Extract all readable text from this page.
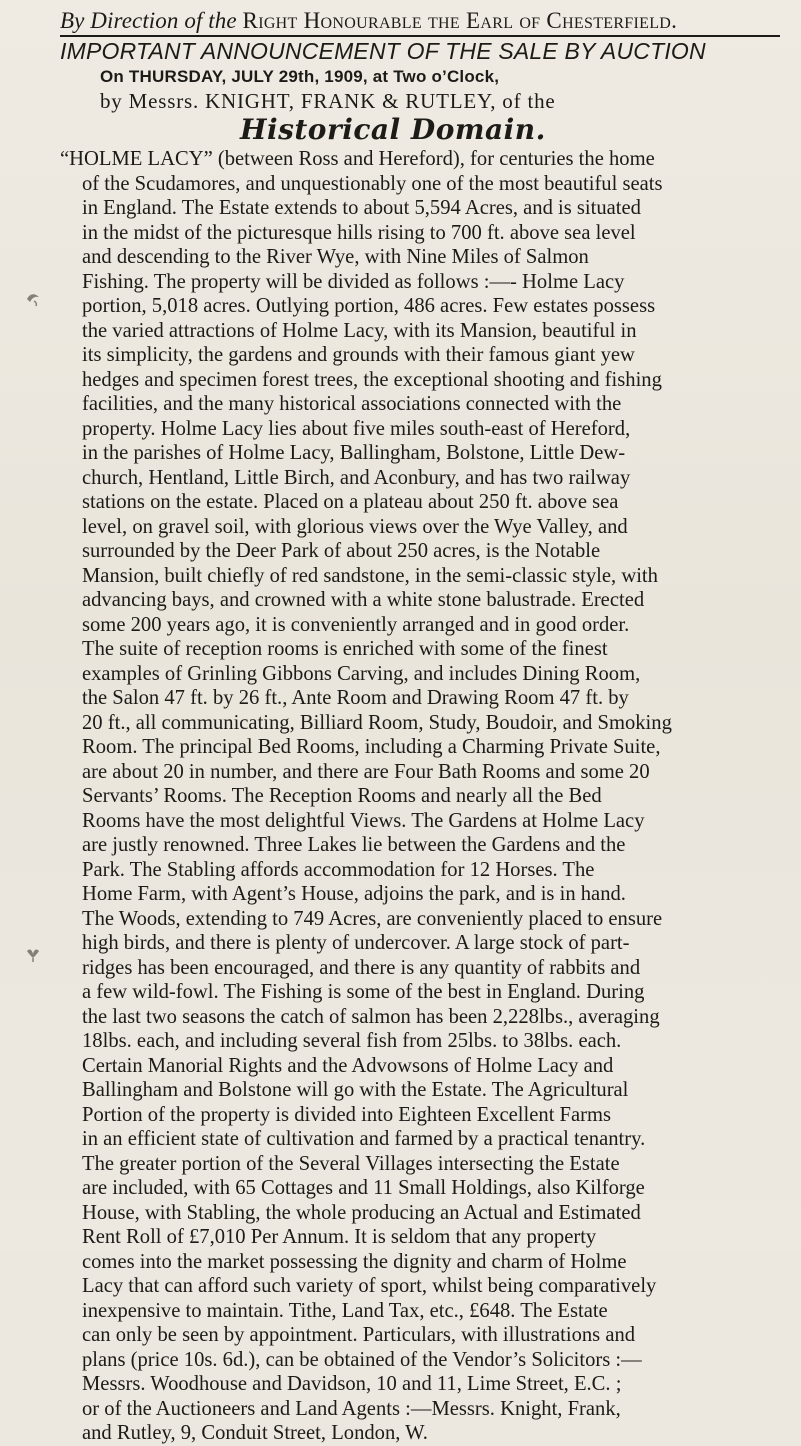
By Direction of the Right Honourable the Earl of Chesterfield.
IMPORTANT ANNOUNCEMENT OF THE SALE BY AUCTION
On THURSDAY, JULY 29th, 1909, at Two o’Clock,
by Messrs. KNIGHT, FRANK & RUTLEY, of the
Historical Domain.
“HOLME LACY” (between Ross and Hereford), for centuries the home
of the Scudamores, and unquestionably one of the most beautiful seats
in England. The Estate extends to about 5,594 Acres, and is situated
in the midst of the picturesque hills rising to 700 ft. above sea level
and descending to the River Wye, with Nine Miles of Salmon
Fishing. The property will be divided as follows :—- Holme Lacy
portion, 5,018 acres. Outlying portion, 486 acres. Few estates possess
the varied attractions of Holme Lacy, with its Mansion, beautiful in
its simplicity, the gardens and grounds with their famous giant yew
hedges and specimen forest trees, the exceptional shooting and fishing
facilities, and the many historical associations connected with the
property. Holme Lacy lies about five miles south-east of Hereford,
in the parishes of Holme Lacy, Ballingham, Bolstone, Little Dew-
church, Hentland, Little Birch, and Aconbury, and has two railway
stations on the estate. Placed on a plateau about 250 ft. above sea
level, on gravel soil, with glorious views over the Wye Valley, and
surrounded by the Deer Park of about 250 acres, is the Notable
Mansion, built chiefly of red sandstone, in the semi-classic style, with
advancing bays, and crowned with a white stone balustrade. Erected
some 200 years ago, it is conveniently arranged and in good order.
The suite of reception rooms is enriched with some of the finest
examples of Grinling Gibbons Carving, and includes Dining Room,
the Salon 47 ft. by 26 ft., Ante Room and Drawing Room 47 ft. by
20 ft., all communicating, Billiard Room, Study, Boudoir, and Smoking
Room. The principal Bed Rooms, including a Charming Private Suite,
are about 20 in number, and there are Four Bath Rooms and some 20
Servants’ Rooms. The Reception Rooms and nearly all the Bed
Rooms have the most delightful Views. The Gardens at Holme Lacy
are justly renowned. Three Lakes lie between the Gardens and the
Park. The Stabling affords accommodation for 12 Horses. The
Home Farm, with Agent’s House, adjoins the park, and is in hand.
The Woods, extending to 749 Acres, are conveniently placed to ensure
high birds, and there is plenty of undercover. A large stock of part-
ridges has been encouraged, and there is any quantity of rabbits and
a few wild-fowl. The Fishing is some of the best in England. During
the last two seasons the catch of salmon has been 2,228lbs., averaging
18lbs. each, and including several fish from 25lbs. to 38lbs. each.
Certain Manorial Rights and the Advowsons of Holme Lacy and
Ballingham and Bolstone will go with the Estate. The Agricultural
Portion of the property is divided into Eighteen Excellent Farms
in an efficient state of cultivation and farmed by a practical tenantry.
The greater portion of the Several Villages intersecting the Estate
are included, with 65 Cottages and 11 Small Holdings, also Kilforge
House, with Stabling, the whole producing an Actual and Estimated
Rent Roll of £7,010 Per Annum. It is seldom that any property
comes into the market possessing the dignity and charm of Holme
Lacy that can afford such variety of sport, whilst being comparatively
inexpensive to maintain. Tithe, Land Tax, etc., £648. The Estate
can only be seen by appointment. Particulars, with illustrations and
plans (price 10s. 6d.), can be obtained of the Vendor’s Solicitors :—
Messrs. Woodhouse and Davidson, 10 and 11, Lime Street, E.C. ;
or of the Auctioneers and Land Agents :—Messrs. Knight, Frank,
and Rutley, 9, Conduit Street, London, W.
